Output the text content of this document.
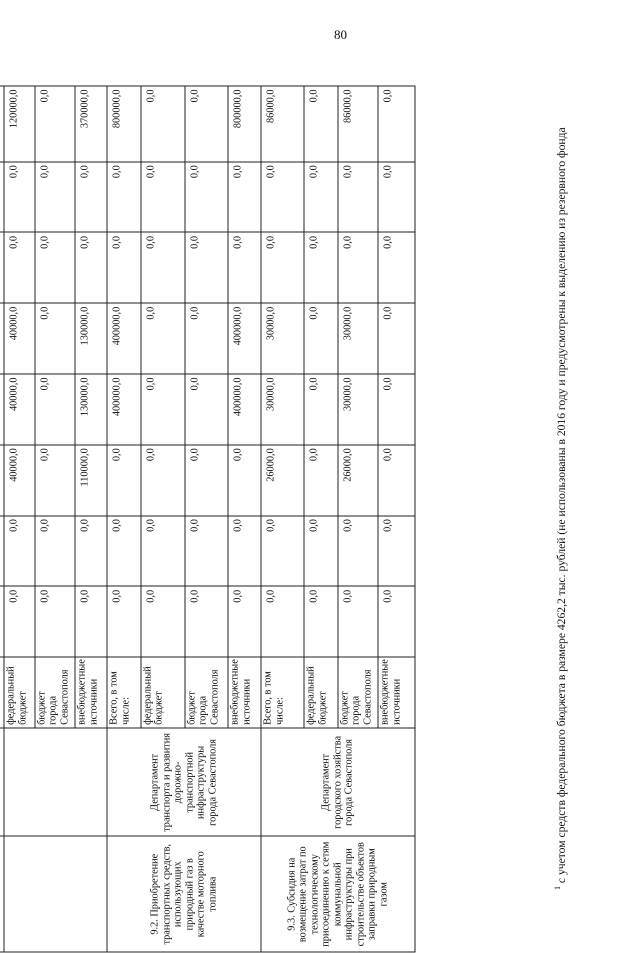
80

		федеральный бюджет	0,0	0,0	40000,0	40000,0	40000,0	0,0	0,0	120000,0
		бюджет города Севастополя	0,0	0,0	0,0	0,0	0,0	0,0	0,0	0,0
		внебюджетные источники	0,0	0,0	110000,0	130000,0	130000,0	0,0	0,0	370000,0
9.2. Приобретение транспортных средств, использующих природный газ в качестве моторного топлива	Департамент транспорта и развития дорожно-транспортной инфраструктуры города Севастополя	Всего, в том числе:	0,0	0,0	0,0	400000,0	400000,0	0,0	0,0	800000,0
		федеральный бюджет	0,0	0,0	0,0	0,0	0,0	0,0	0,0	0,0
		бюджет города Севастополя	0,0	0,0	0,0	0,0	0,0	0,0	0,0	0,0
		внебюджетные источники	0,0	0,0	0,0	400000,0	400000,0	0,0	0,0	800000,0
9.3. Субсидия на возмещение затрат по технологическому присоединению к сетям коммунальной инфраструктуры при строительстве объектов заправки природным газом	Департамент городского хозяйства города Севастополя	Всего, в том числе:	0,0	0,0	26000,0	30000,0	30000,0	0,0	0,0	86000,0
		федеральный бюджет	0,0	0,0	0,0	0,0	0,0	0,0	0,0	0,0
		бюджет города Севастополя	0,0	0,0	26000,0	30000,0	30000,0	0,0	0,0	86000,0
		внебюджетные источники	0,0	0,0	0,0	0,0	0,0	0,0	0,0	0,0
$^1$ с учетом средств федерального бюджета в размере 4262,2 тыс. рублей (не использованы в 2016 году и предусмотрены к выделению из резервного фонда
